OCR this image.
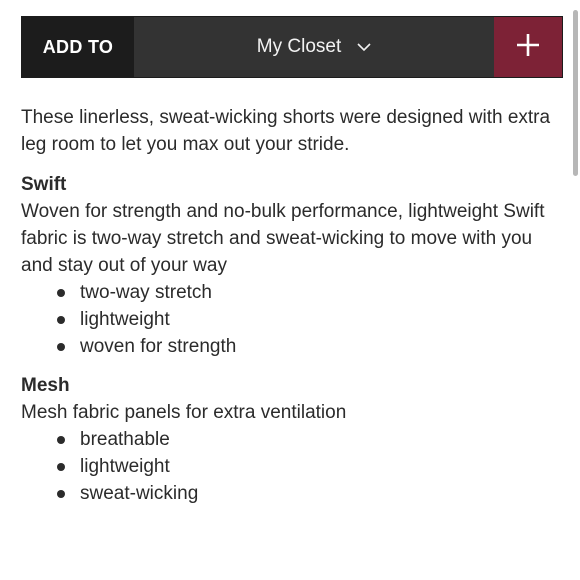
ADD TO	My Closet

These linerless, sweat-wicking shorts were designed with extra leg room to let you max out your stride.

Swift

Woven for strength and no-bulk performance, lightweight Swift fabric is two-way stretch and sweat-wicking to move with you and stay out of your way

two-way stretch
lightweight
woven for strength

Mesh

Mesh fabric panels for extra ventilation

breathable
lightweight
sweat-wicking
